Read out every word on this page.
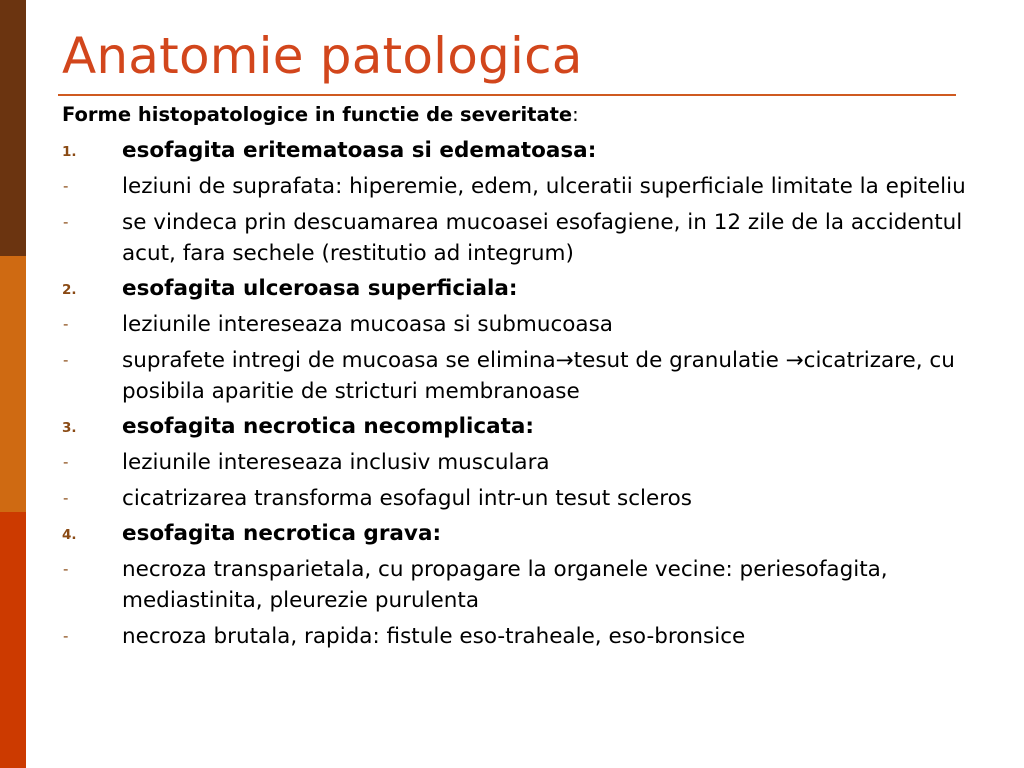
Anatomie patologica
Forme histopatologice in functie de severitate:
1. esofagita eritematoasa si edematoasa:
- leziuni de suprafata: hiperemie, edem, ulceratii superficiale limitate la epiteliu
- se vindeca prin descuamarea mucoasei esofagiene, in 12 zile de la accidentul acut, fara sechele (restitutio ad integrum)
2. esofagita ulceroasa superficiala:
- leziunile intereseaza mucoasa si submucoasa
- suprafete intregi de mucoasa se elimina→tesut de granulatie →cicatrizare, cu posibila aparitie de stricturi membranoase
3. esofagita necrotica necomplicata:
- leziunile intereseaza inclusiv musculara
- cicatrizarea transforma esofagul intr-un tesut scleros
4. esofagita necrotica grava:
- necroza transparietala, cu propagare la organele vecine: periesofagita, mediastinita, pleurezie purulenta
- necroza brutala, rapida: fistule eso-traheale, eso-bronsice
